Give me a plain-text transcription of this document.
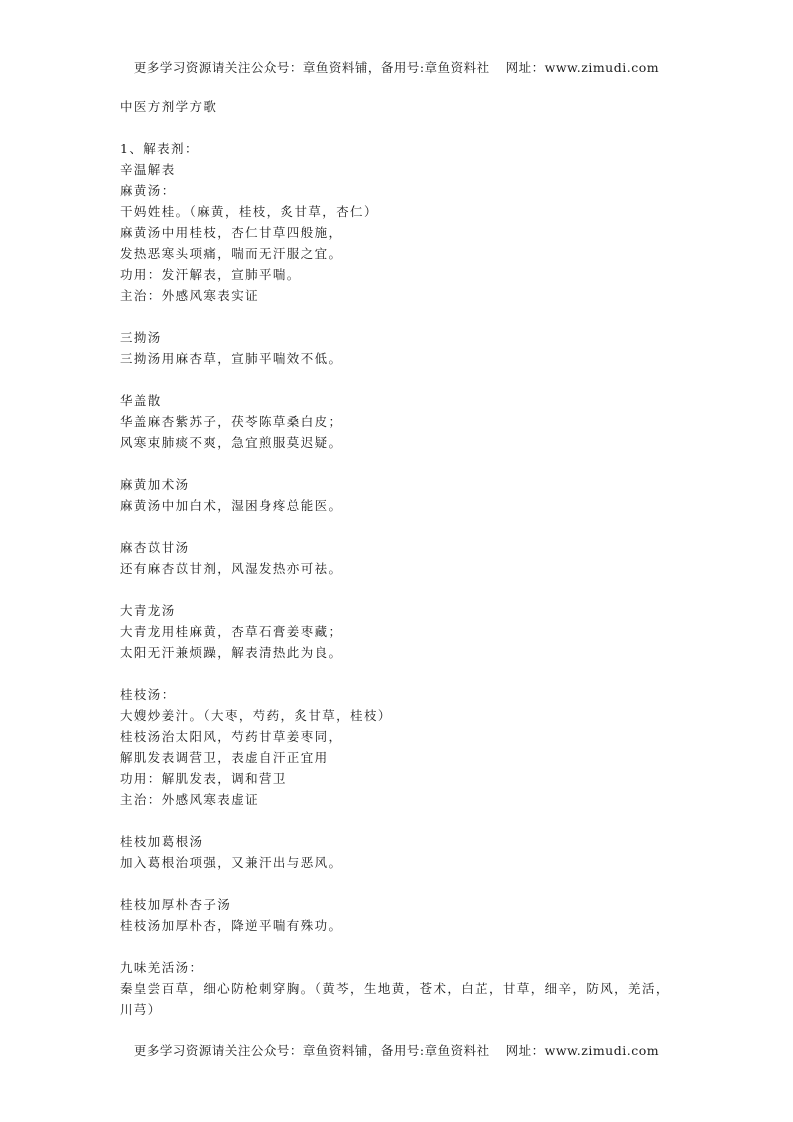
更多学习资源请关注公众号：章鱼资料铺，备用号:章鱼资料社 网址：www.zimudi.com
中医方剂学方歌
1、解表剂：
辛温解表
麻黄汤：
干妈姓桂。（麻黄，桂枝，炙甘草，杏仁）
麻黄汤中用桂枝，杏仁甘草四般施，
发热恶寒头项痛，喘而无汗服之宜。
功用：发汗解表，宣肺平喘。
主治：外感风寒表实证
三拗汤
三拗汤用麻杏草，宣肺平喘效不低。
华盖散
华盖麻杏紫苏子，茯苓陈草桑白皮；
风寒束肺痰不爽，急宜煎服莫迟疑。
麻黄加术汤
麻黄汤中加白术，湿困身疼总能医。
麻杏苡甘汤
还有麻杏苡甘剂，风湿发热亦可祛。
大青龙汤
大青龙用桂麻黄，杏草石膏姜枣藏；
太阳无汗兼烦躁，解表清热此为良。
桂枝汤：
大嫂炒姜汁。（大枣，芍药，炙甘草，桂枝）
桂枝汤治太阳风，芍药甘草姜枣同，
解肌发表调营卫，表虚自汗正宜用
功用：解肌发表，调和营卫
主治：外感风寒表虚证
桂枝加葛根汤
加入葛根治项强，又兼汗出与恶风。
桂枝加厚朴杏子汤
桂枝汤加厚朴杏，降逆平喘有殊功。
九味羌活汤：
秦皇尝百草，细心防枪刺穿胸。（黄芩，生地黄，苍术，白芷，甘草，细辛，防风，羌活，川芎）
更多学习资源请关注公众号：章鱼资料铺，备用号:章鱼资料社 网址：www.zimudi.com
